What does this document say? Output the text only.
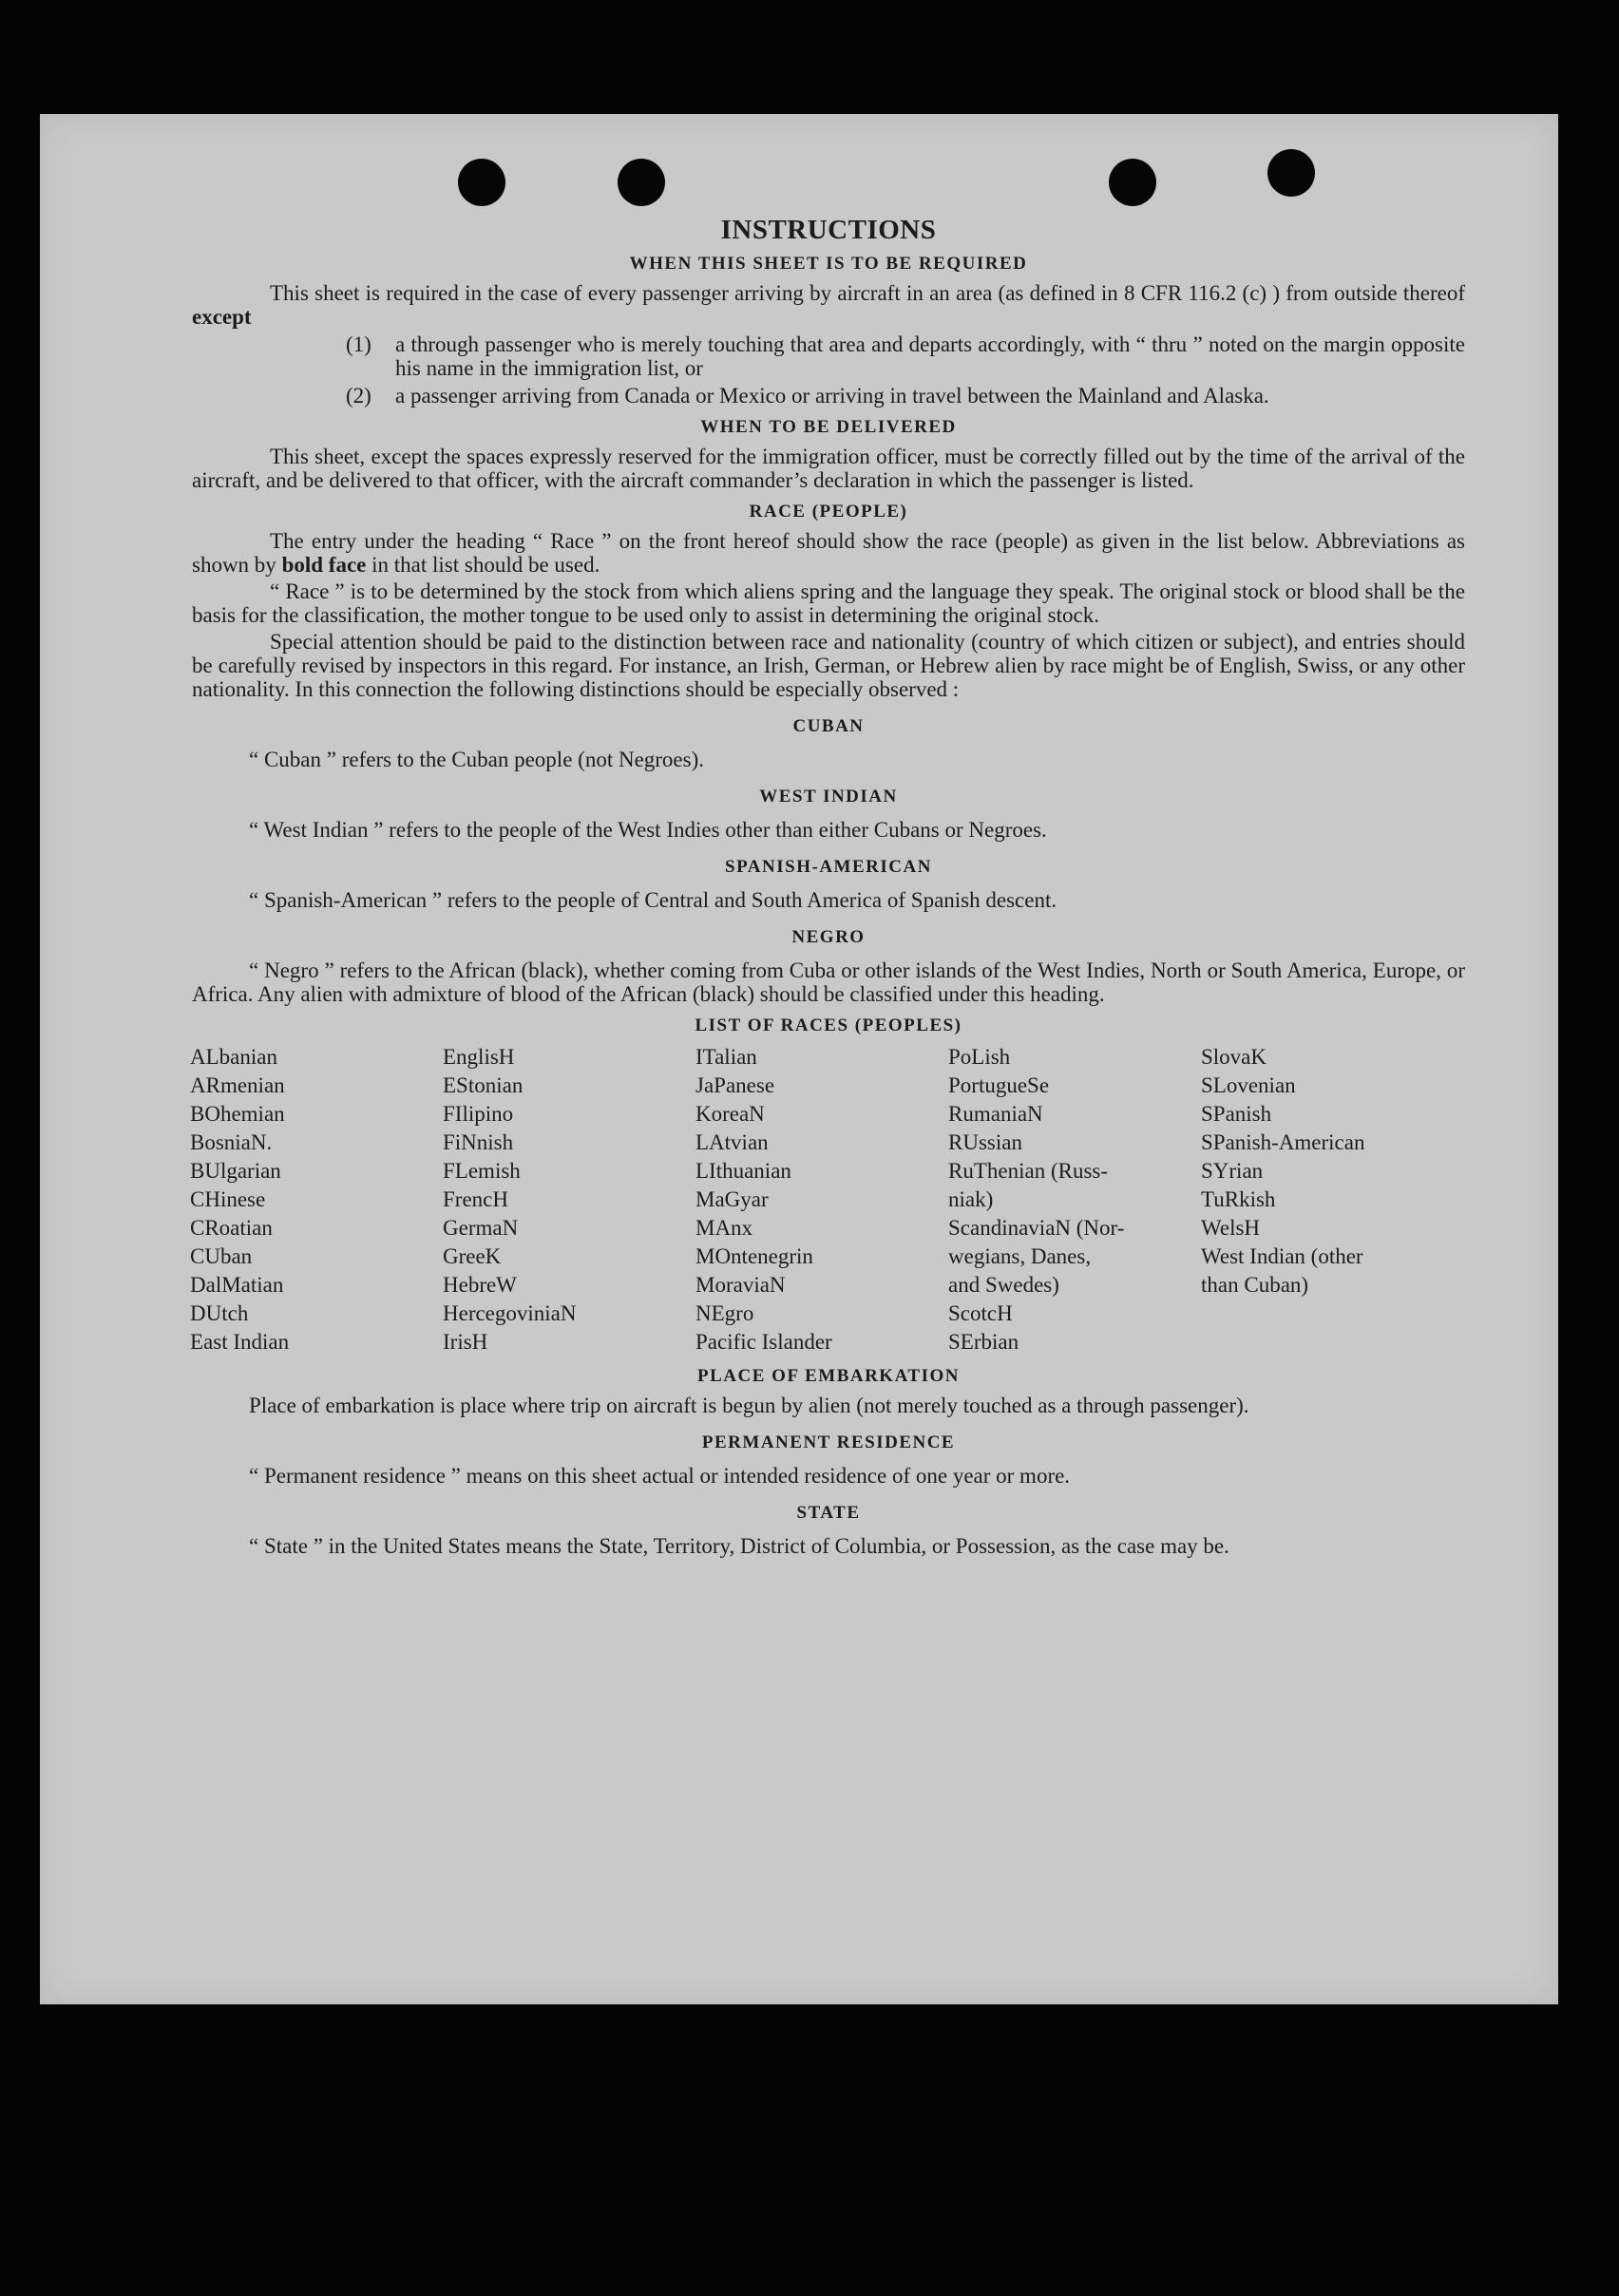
INSTRUCTIONS
WHEN THIS SHEET IS TO BE REQUIRED

This sheet is required in the case of every passenger arriving by aircraft in an area (as defined in 8 CFR 116.2 (c) ) from outside thereof except

(1)	a through passenger who is merely touching that area and departs accordingly, with “ thru ” noted on the margin opposite his name in the immigration list, or
(2)	a passenger arriving from Canada or Mexico or arriving in travel between the Mainland and Alaska.
WHEN TO BE DELIVERED

This sheet, except the spaces expressly reserved for the immigration officer, must be correctly filled out by the time of the arrival of the aircraft, and be delivered to that officer, with the aircraft commander’s declaration in which the passenger is listed.

RACE (PEOPLE)

The entry under the heading “ Race ” on the front hereof should show the race (people) as given in the list below. Abbreviations as shown by bold face in that list should be used.

“ Race ” is to be determined by the stock from which aliens spring and the language they speak. The original stock or blood shall be the basis for the classification, the mother tongue to be used only to assist in determining the original stock.

Special attention should be paid to the distinction between race and nationality (country of which citizen or subject), and entries should be carefully revised by inspectors in this regard. For instance, an Irish, German, or Hebrew alien by race might be of English, Swiss, or any other nationality. In this connection the following distinctions should be especially observed :

CUBAN

“ Cuban ” refers to the Cuban people (not Negroes).

WEST INDIAN

“ West Indian ” refers to the people of the West Indies other than either Cubans or Negroes.

SPANISH-AMERICAN

“ Spanish-American ” refers to the people of Central and South America of Spanish descent.

NEGRO

“ Negro ” refers to the African (black), whether coming from Cuba or other islands of the West Indies, North or South America, Europe, or Africa. Any alien with admixture of blood of the African (black) should be classified under this heading.

LIST OF RACES (PEOPLES)
ALbanian
ARmenian
BOhemian
BosniaN.
BUlgarian
CHinese
CRoatian
CUban
DalMatian
DUtch
East Indian
EnglisH
EStonian
FIlipino
FiNnish
FLemish
FrencH
GermaN
GreeK
HebreW
HercegoviniaN
IrisH
ITalian
JaPanese
KoreaN
LAtvian
LIthuanian
MaGyar
MAnx
MOntenegrin
MoraviaN
NEgro
Pacific Islander
PoLish
PortugueSe
RumaniaN
RUssian
RuThenian (Russ-
niak)
ScandinaviaN (Nor-
wegians, Danes,
and Swedes)
ScotcH
SErbian
SlovaK
SLovenian
SPanish
SPanish-American
SYrian
TuRkish
WelsH
West Indian (other
than Cuban)
PLACE OF EMBARKATION

Place of embarkation is place where trip on aircraft is begun by alien (not merely touched as a through passenger).

PERMANENT RESIDENCE

“ Permanent residence ” means on this sheet actual or intended residence of one year or more.

STATE

“ State ” in the United States means the State, Territory, District of Columbia, or Possession, as the case may be.
